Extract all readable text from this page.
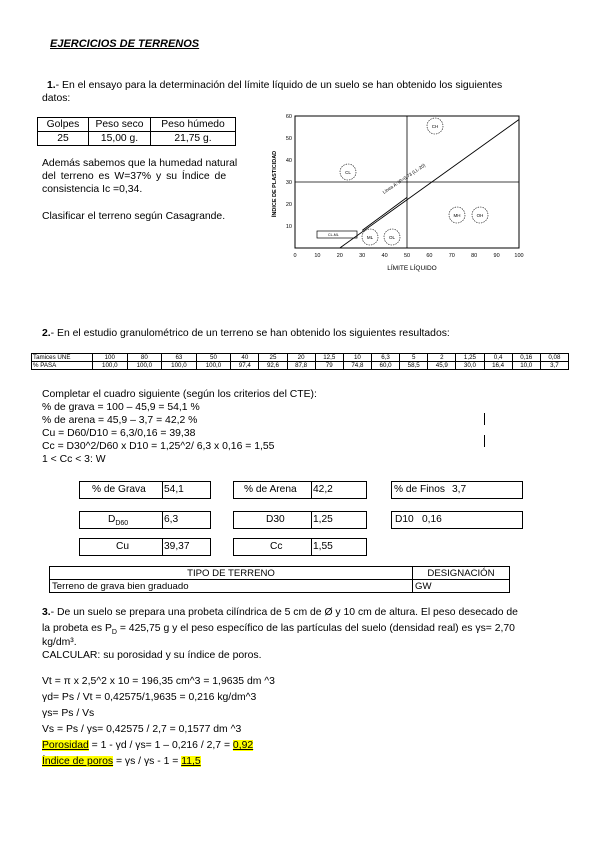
EJERCICIOS DE TERRENOS
1.- En el ensayo para la determinación del límite líquido de un suelo se han obtenido los siguientes
datos:
Golpes	Peso seco	Peso húmedo
25	15,00 g.	21,75 g.
Además sabemos que la humedad natural
del terreno es W=37% y su Índice de
consistencia Ic =0,34.
Clasificar el terreno según Casagrande.
0	10	20	30	40	50	60	70	80	90	100
60
50
40
30
20
10
ÍNDICE DE PLASTICIDAD
LÍMITE LÍQUIDO
Línea A: IP=0,73 (LL-20)
CL
CH
ML	OL
MH	OH
CL-ML
2.- En el estudio granulométrico de un terreno se han obtenido los siguientes resultados:
Tamices UNE	100	80	63	50	40	25	20	12,5	10	6,3	5	2	1,25	0,4	0,16	0,08
% PASA	100,0	100,0	100,0	100,0	97,4	92,6	87,8	79	74,8	60,0	58,5	45,9	30,0	16,4	10,0	3,7
Completar el cuadro siguiente (según los criterios del CTE):
% de grava = 100 – 45,9 = 54,1 %
% de arena = 45,9 – 3,7 = 42,2 %
Cu = D60/D10 = 6,3/0,16 = 39,38
Cc = D30^2/D60 x D10 = 1,25^2/ 6,3 x 0,16 = 1,55
1 < Cc < 3: W
% de Grava 54,1	% de Arena 42,2	% de Finos 3,7
$D_{D60}$	6,3	D30	1,25	D10 0,16
Cu	39,37	Cc	1,55
TIPO DE TERRENO	DESIGNACIÓN
Terreno de grava bien graduado	GW
3.- De un suelo se prepara una probeta cilíndrica de 5 cm de Ø y 10 cm de altura. El peso desecado de
la probeta es $P_D = 425,75$ g y el peso específico de las partículas del suelo (densidad real) es γs= 2,70
kg/dm³.
CALCULAR: su porosidad y su índice de poros.
Vt = π x 2,5^2 x 10 = 196,35 cm^3 = 1,9635 dm ^3
γd= Ps / Vt = 0,42575/1,9635 = 0,216 kg/dm^3
γs= Ps / Vs
Vs = Ps / γs= 0,42575 / 2,7 = 0,1577 dm ^3
Porosidad = 1 - γd / γs= 1 – 0,216 / 2,7 = 0,92
Índice de poros = γs / γs - 1 = 11,5
